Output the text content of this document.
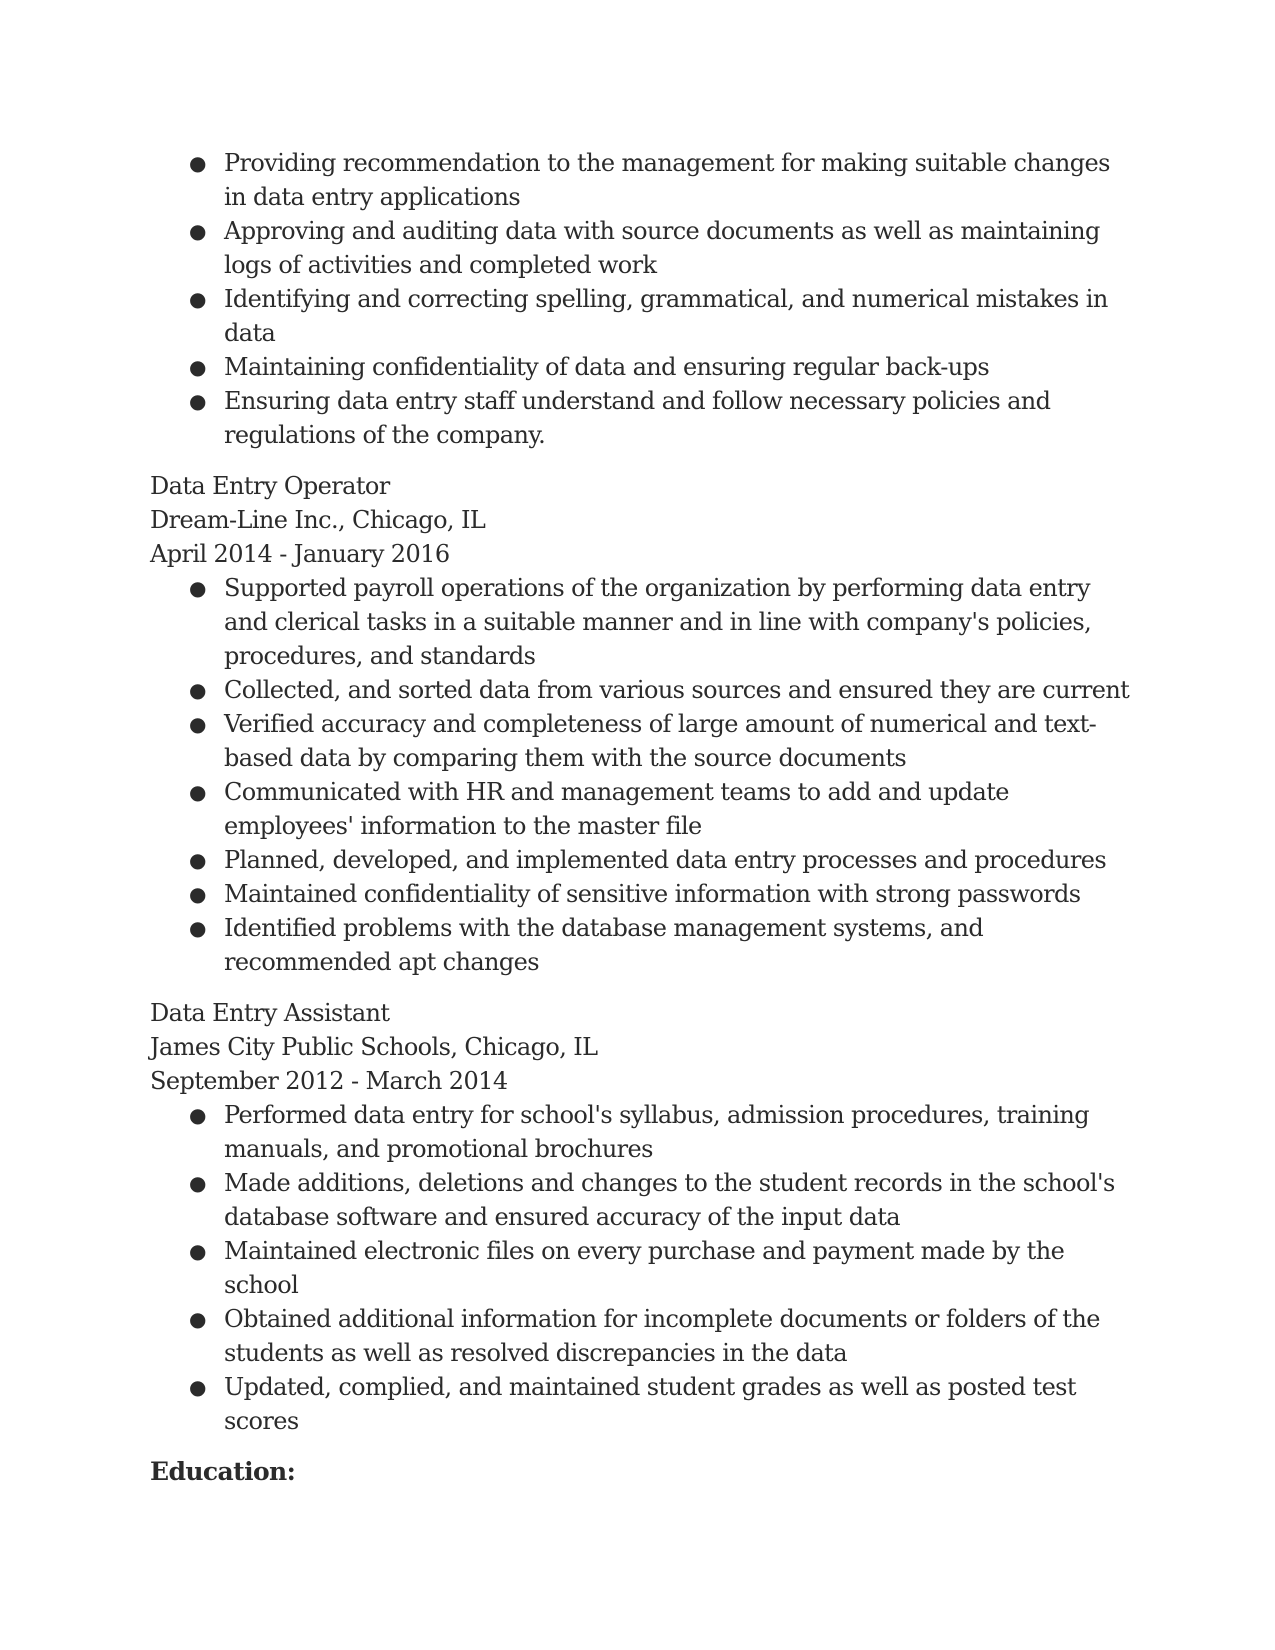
● Providing recommendation to the management for making suitable changes in data entry applications
● Approving and auditing data with source documents as well as maintaining logs of activities and completed work
● Identifying and correcting spelling, grammatical, and numerical mistakes in data
● Maintaining confidentiality of data and ensuring regular back-ups
● Ensuring data entry staff understand and follow necessary policies and regulations of the company.
Data Entry Operator
Dream-Line Inc., Chicago, IL
April 2014 - January 2016
● Supported payroll operations of the organization by performing data entry and clerical tasks in a suitable manner and in line with company's policies, procedures, and standards
● Collected, and sorted data from various sources and ensured they are current
● Verified accuracy and completeness of large amount of numerical and text-based data by comparing them with the source documents
● Communicated with HR and management teams to add and update employees' information to the master file
● Planned, developed, and implemented data entry processes and procedures
● Maintained confidentiality of sensitive information with strong passwords
● Identified problems with the database management systems, and recommended apt changes
Data Entry Assistant
James City Public Schools, Chicago, IL
September 2012 - March 2014
● Performed data entry for school's syllabus, admission procedures, training manuals, and promotional brochures
● Made additions, deletions and changes to the student records in the school's database software and ensured accuracy of the input data
● Maintained electronic files on every purchase and payment made by the school
● Obtained additional information for incomplete documents or folders of the students as well as resolved discrepancies in the data
● Updated, complied, and maintained student grades as well as posted test scores
Education:
